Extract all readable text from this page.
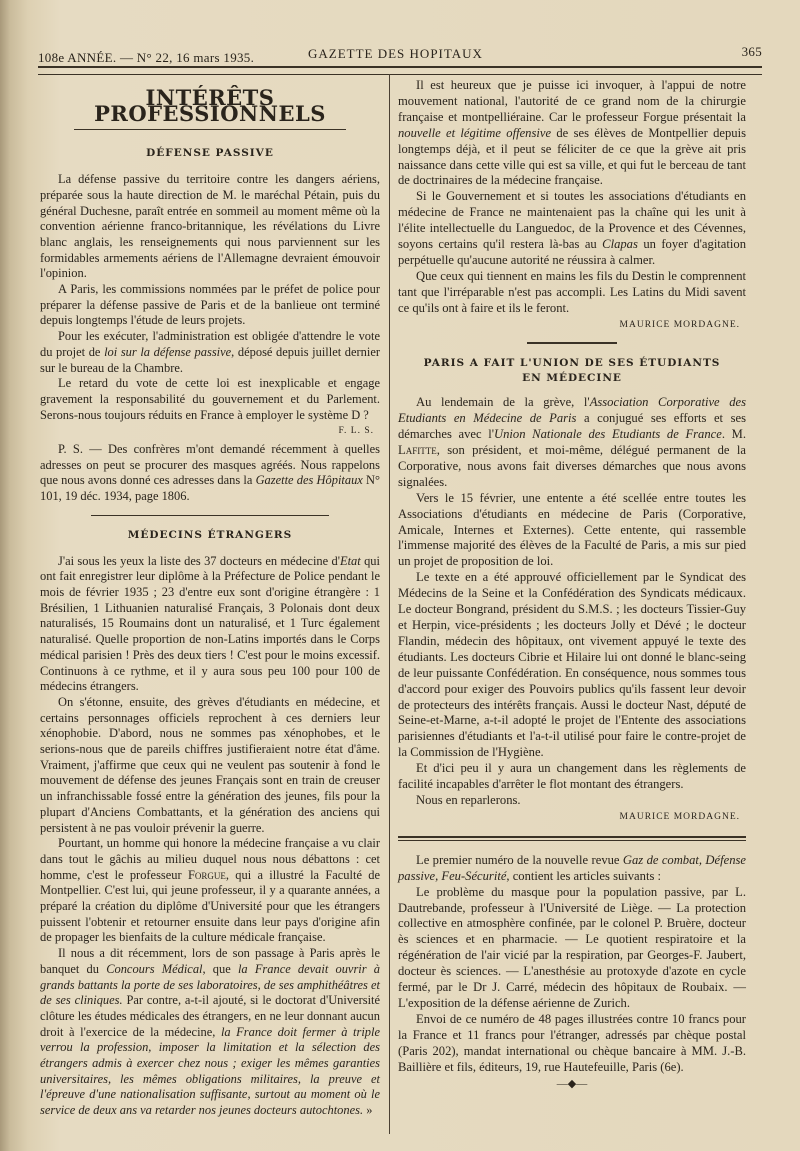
108e ANNÉE. — N° 22, 16 mars 1935.	GAZETTE DES HOPITAUX	365
INTÉRÊTS PROFESSIONNELS
DÉFENSE PASSIVE

La défense passive du territoire contre les dangers aériens, préparée sous la haute direction de M. le maréchal Pétain, puis du général Duchesne, paraît entrée en sommeil au moment même où la convention aérienne franco-britannique, les révélations du Livre blanc anglais, les renseignements qui nous parviennent sur les formidables armements aériens de l'Allemagne devraient émouvoir l'opinion.

A Paris, les commissions nommées par le préfet de police pour préparer la défense passive de Paris et de la banlieue ont terminé depuis longtemps l'étude de leurs projets.

Pour les exécuter, l'administration est obligée d'attendre le vote du projet de loi sur la défense passive, déposé depuis juillet dernier sur le bureau de la Chambre.

Le retard du vote de cette loi est inexplicable et engage gravement la responsabilité du gouvernement et du Parlement. Serons-nous toujours réduits en France à employer le système D ?

F. L. S.

P. S. — Des confrères m'ont demandé récemment à quelles adresses on peut se procurer des masques agréés. Nous rappelons que nous avons donné ces adresses dans la Gazette des Hôpitaux N° 101, 19 déc. 1934, page 1806.

MÉDECINS ÉTRANGERS

J'ai sous les yeux la liste des 37 docteurs en médecine d'Etat qui ont fait enregistrer leur diplôme à la Préfecture de Police pendant le mois de février 1935 ; 23 d'entre eux sont d'origine étrangère : 1 Brésilien, 1 Lithuanien naturalisé Français, 3 Polonais dont deux naturalisés, 15 Roumains dont un naturalisé, et 1 Turc également naturalisé. Quelle proportion de non-Latins importés dans le Corps médical parisien ! Près des deux tiers ! C'est pour le moins excessif. Continuons à ce rythme, et il y aura sous peu 100 pour 100 de médecins étrangers.

On s'étonne, ensuite, des grèves d'étudiants en médecine, et certains personnages officiels reprochent à ces derniers leur xénophobie. D'abord, nous ne sommes pas xénophobes, et le serions-nous que de pareils chiffres justifieraient notre état d'âme. Vraiment, j'affirme que ceux qui ne veulent pas soutenir à fond le mouvement de défense des jeunes Français sont en train de creuser un infranchissable fossé entre la génération des jeunes, fils pour la plupart d'Anciens Combattants, et la génération des anciens qui persistent à ne pas vouloir prévenir la guerre.

Pourtant, un homme qui honore la médecine française a vu clair dans tout le gâchis au milieu duquel nous nous débattons : cet homme, c'est le professeur Forgue, qui a illustré la Faculté de Montpellier. C'est lui, qui jeune professeur, il y a quarante années, a préparé la création du diplôme d'Université pour que les étrangers puissent l'obtenir et retourner ensuite dans leur pays d'origine afin de propager les bienfaits de la culture médicale française.

Il nous a dit récemment, lors de son passage à Paris après le banquet du Concours Médical, que la France devait ouvrir à grands battants la porte de ses laboratoires, de ses amphithéâtres et de ses cliniques. Par contre, a-t-il ajouté, si le doctorat d'Université clôture les études médicales des étrangers, en ne leur donnant aucun droit à l'exercice de la médecine, la France doit fermer à triple verrou la profession, imposer la limitation et la sélection des étrangers admis à exercer chez nous ; exiger les mêmes garanties universitaires, les mêmes obligations militaires, la preuve et l'épreuve d'une nationalisation suffisante, surtout au moment où le service de deux ans va retarder nos jeunes docteurs autochtones. »

Il est heureux que je puisse ici invoquer, à l'appui de notre mouvement national, l'autorité de ce grand nom de la chirurgie française et montpelliéraine. Car le professeur Forgue présentait la nouvelle et légitime offensive de ses élèves de Montpellier depuis longtemps déjà, et il peut se féliciter de ce que la grève ait pris naissance dans cette ville qui est sa ville, et qui fut le berceau de tant de doctrinaires de la médecine française.

Si le Gouvernement et si toutes les associations d'étudiants en médecine de France ne maintenaient pas la chaîne qui les unit à l'élite intellectuelle du Languedoc, de la Provence et des Cévennes, soyons certains qu'il restera là-bas au Clapas un foyer d'agitation perpétuelle qu'aucune autorité ne réussira à calmer.

Que ceux qui tiennent en mains les fils du Destin le comprennent tant que l'irréparable n'est pas accompli. Les Latins du Midi savent ce qu'ils ont à faire et ils le feront.

MAURICE MORDAGNE.
PARIS A FAIT L'UNION DE SES ÉTUDIANTS
EN MÉDECINE

Au lendemain de la grève, l'Association Corporative des Etudiants en Médecine de Paris a conjugué ses efforts et ses démarches avec l'Union Nationale des Etudiants de France. M. Lafitte, son président, et moi-même, délégué permanent de la Corporative, nous avons fait diverses démarches que nous avons signalées.

Vers le 15 février, une entente a été scellée entre toutes les Associations d'étudiants en médecine de Paris (Corporative, Amicale, Internes et Externes). Cette entente, qui rassemble l'immense majorité des élèves de la Faculté de Paris, a mis sur pied un projet de proposition de loi.

Le texte en a été approuvé officiellement par le Syndicat des Médecins de la Seine et la Confédération des Syndicats médicaux. Le docteur Bongrand, président du S.M.S. ; les docteurs Tissier-Guy et Herpin, vice-présidents ; les docteurs Jolly et Dévé ; le docteur Flandin, médecin des hôpitaux, ont vivement appuyé le texte des étudiants. Les docteurs Cibrie et Hilaire lui ont donné le blanc-seing de leur puissante Confédération. En conséquence, nous sommes tous d'accord pour exiger des Pouvoirs publics qu'ils fassent leur devoir de protecteurs des intérêts français. Aussi le docteur Nast, député de Seine-et-Marne, a-t-il adopté le projet de l'Entente des associations parisiennes d'étudiants et l'a-t-il utilisé pour faire le contre-projet de la Commission de l'Hygiène.

Et d'ici peu il y aura un changement dans les règlements de facilité incapables d'arrêter le flot montant des étrangers.

Nous en reparlerons.

MAURICE MORDAGNE.

Le premier numéro de la nouvelle revue Gaz de combat, Défense passive, Feu-Sécurité, contient les articles suivants :

Le problème du masque pour la population passive, par L. Dautrebande, professeur à l'Université de Liège. — La protection collective en atmosphère confinée, par le colonel P. Bruère, docteur ès sciences et en pharmacie. — Le quotient respiratoire et la régénération de l'air vicié par la respiration, par Georges-F. Jaubert, docteur ès sciences. — L'anesthésie au protoxyde d'azote en cycle fermé, par le Dr J. Carré, médecin des hôpitaux de Roubaix. — L'exposition de la défense aérienne de Zurich.

Envoi de ce numéro de 48 pages illustrées contre 10 francs pour la France et 11 francs pour l'étranger, adressés par chèque postal (Paris 202), mandat international ou chèque bancaire à MM. J.-B. Baillière et fils, éditeurs, 19, rue Hautefeuille, Paris (6e).

—◆—
